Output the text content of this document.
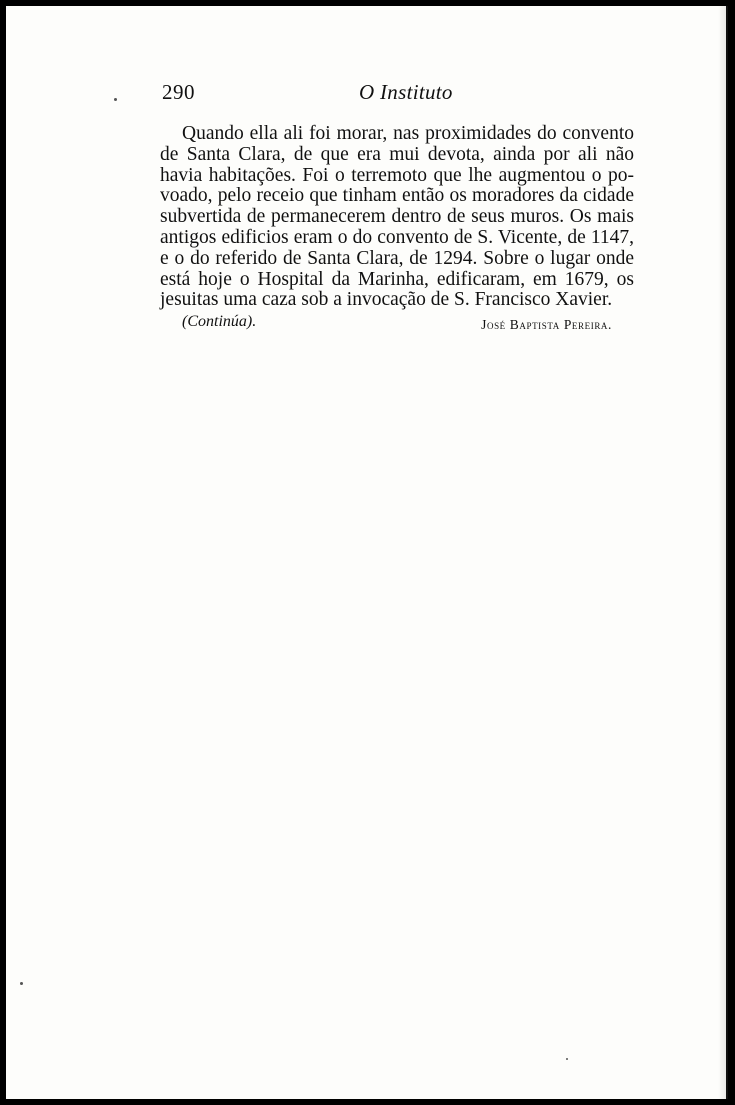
290	O Instituto
Quando ella ali foi morar, nas proximidades do convento
de Santa Clara, de que era mui devota, ainda por ali não
havia habitações. Foi o terremoto que lhe augmentou o po-
voado, pelo receio que tinham então os moradores da cidade
subvertida de permanecerem dentro de seus muros. Os mais
antigos edificios eram o do convento de S. Vicente, de 1147,
e o do referido de Santa Clara, de 1294. Sobre o lugar onde
está hoje o Hospital da Marinha, edificaram, em 1679, os
jesuitas uma caza sob a invocação de S. Francisco Xavier.
(Continúa).	José Baptista Pereira.
